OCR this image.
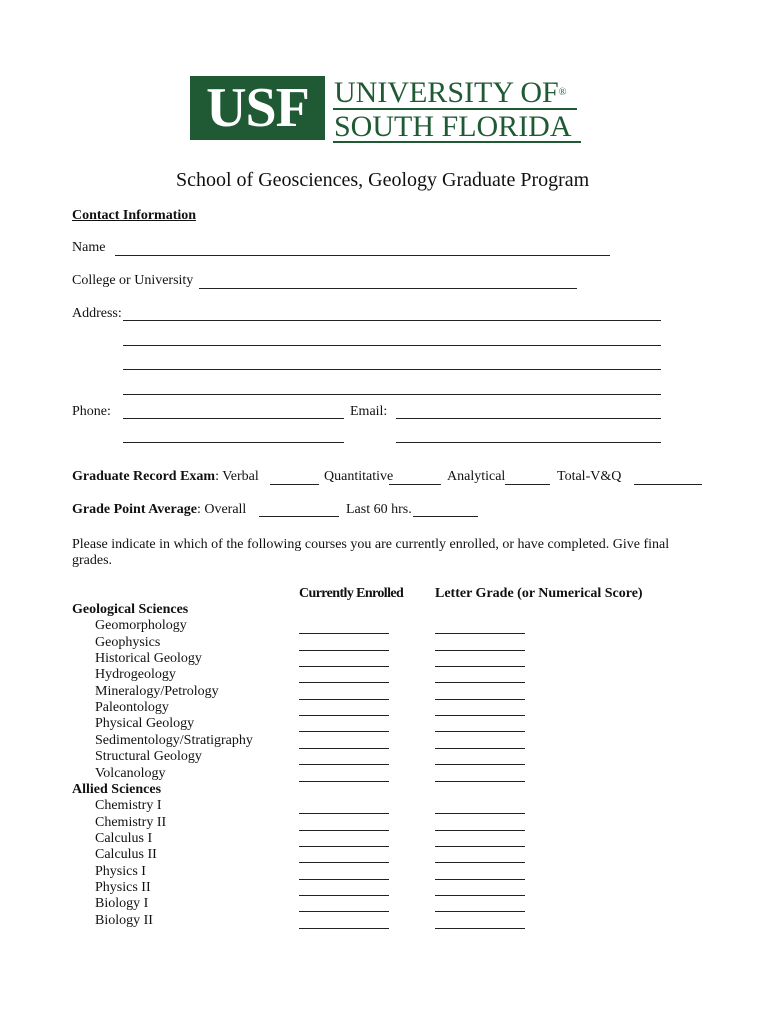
USF UNIVERSITY OF®
SOUTH FLORIDA
School of Geosciences, Geology Graduate Program
Contact Information
Name
College or University
Address:
Phone:	Email:
Graduate Record Exam: Verbal	Quantitative	Analytical	Total-V&Q
Grade Point Average: Overall	Last 60 hrs.
Please indicate in which of the following courses you are currently enrolled, or have completed. Give final
grades.
Currently Enrolled Letter Grade (or Numerical Score)
Geological Sciences
Geomorphology
Geophysics
Historical Geology
Hydrogeology
Mineralogy/Petrology
Paleontology
Physical Geology
Sedimentology/Stratigraphy
Structural Geology
Volcanology
Allied Sciences
Chemistry I
Chemistry II
Calculus I
Calculus II
Physics I
Physics II
Biology I
Biology II
